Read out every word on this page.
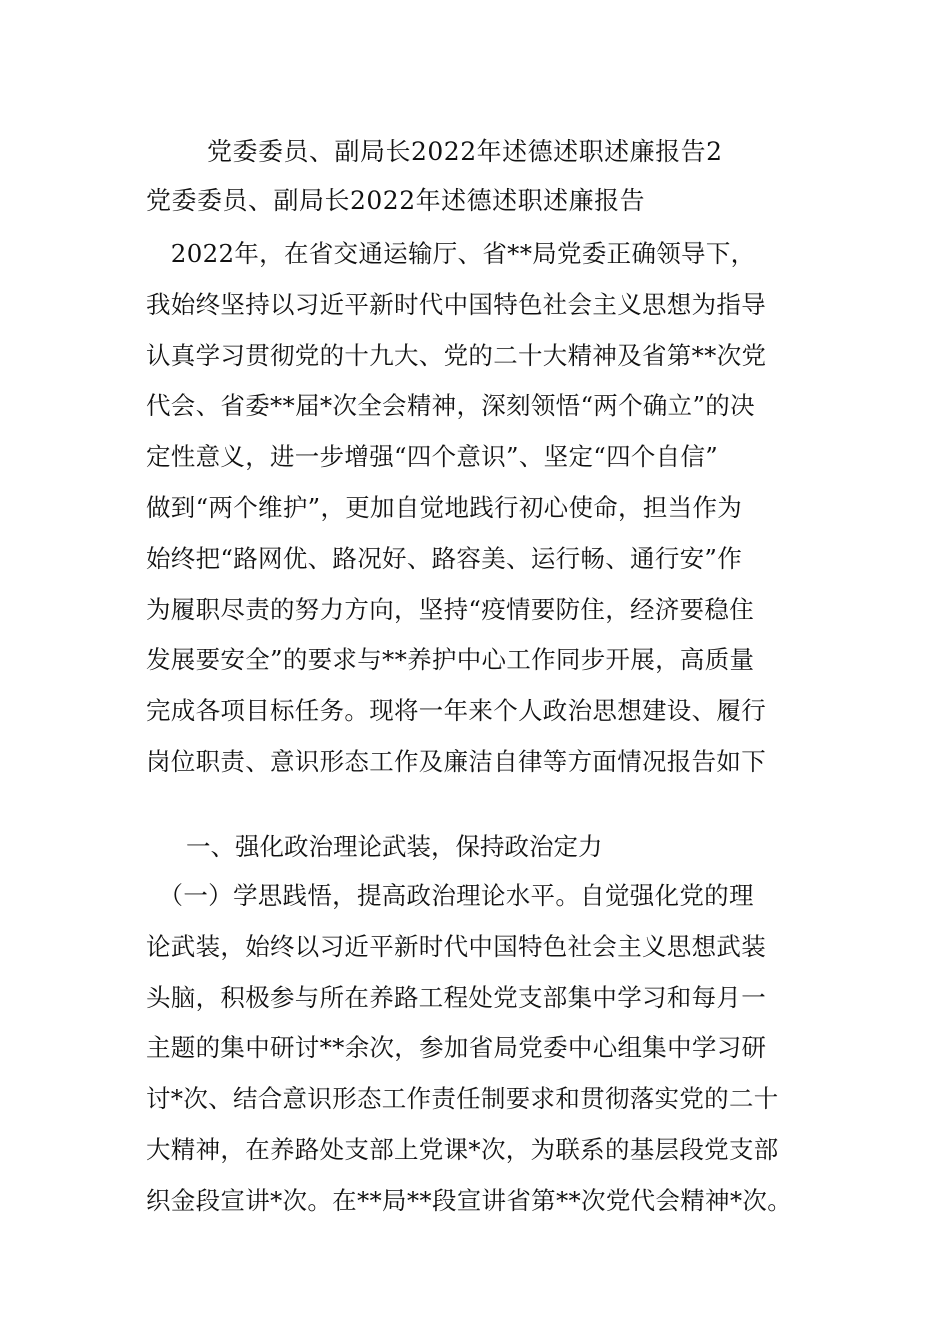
党委委员、副局长2022年述德述职述廉报告2
党委委员、副局长2022年述德述职述廉报告
　2022年，在省交通运输厅、省**局党委正确领导下，
我始终坚持以习近平新时代中国特色社会主义思想为指导
认真学习贯彻党的十九大、党的二十大精神及省第**次党
代会、省委**届*次全会精神，深刻领悟“两个确立”的决
定性意义，进一步增强“四个意识”、坚定“四个自信”
做到“两个维护”，更加自觉地践行初心使命，担当作为
始终把“路网优、路况好、路容美、运行畅、通行安”作
为履职尽责的努力方向，坚持“疫情要防住，经济要稳住
发展要安全”的要求与**养护中心工作同步开展，高质量
完成各项目标任务。现将一年来个人政治思想建设、履行
岗位职责、意识形态工作及廉洁自律等方面情况报告如下
一、强化政治理论武装，保持政治定力
　（一）学思践悟，提高政治理论水平。自觉强化党的理
论武装，始终以习近平新时代中国特色社会主义思想武装
头脑，积极参与所在养路工程处党支部集中学习和每月一
主题的集中研讨**余次，参加省局党委中心组集中学习研
讨*次、结合意识形态工作责任制要求和贯彻落实党的二十
大精神，在养路处支部上党课*次，为联系的基层段党支部
织金段宣讲*次。在**局**段宣讲省第**次党代会精神*次。
